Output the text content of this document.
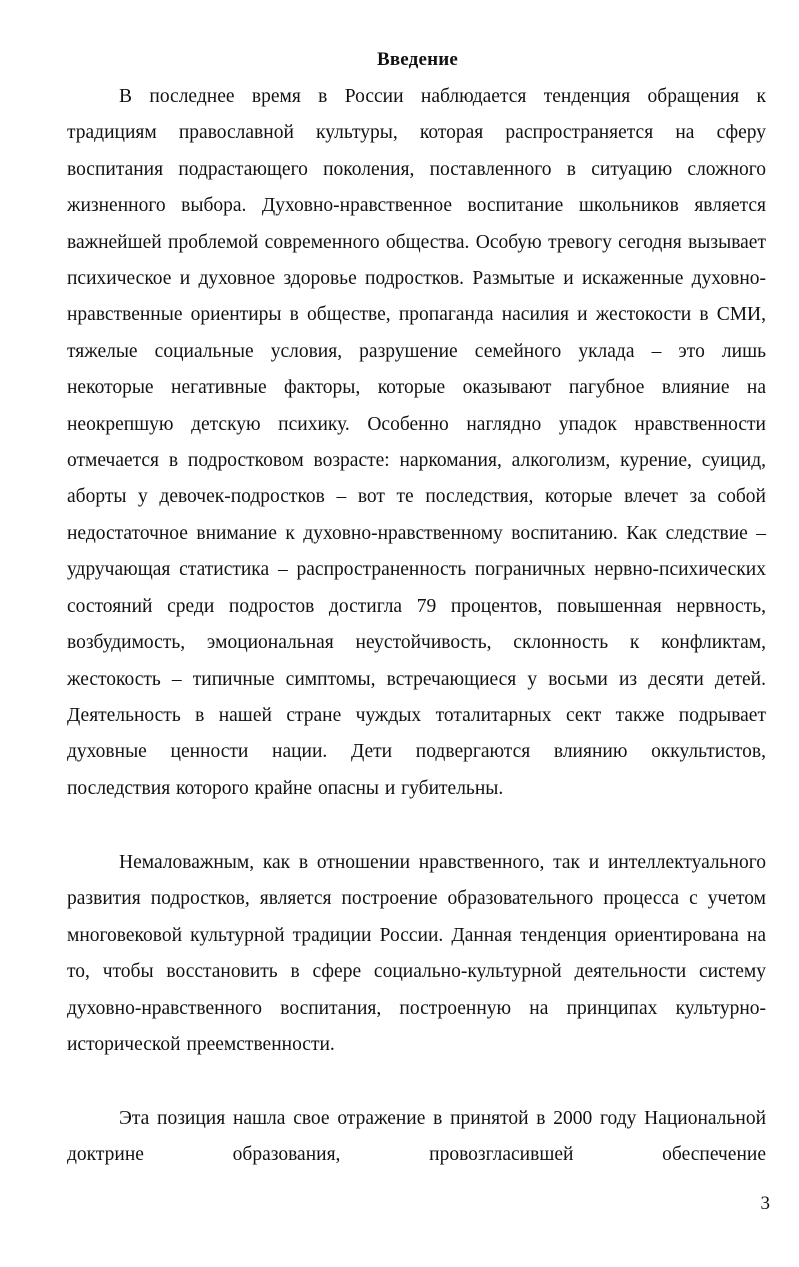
Введение

В последнее время в России наблюдается тенденция обращения к традициям православной культуры, которая распространяется на сферу воспитания подрастающего поколения, поставленного в ситуацию сложного жизненного выбора. Духовно-нравственное воспитание школьников является важнейшей проблемой современного общества. Особую тревогу сегодня вызывает психическое и духовное здоровье подростков. Размытые и искаженные духовно-нравственные ориентиры в обществе, пропаганда насилия и жестокости в СМИ, тяжелые социальные условия, разрушение семейного уклада – это лишь некоторые негативные факторы, которые оказывают пагубное влияние на неокрепшую детскую психику. Особенно наглядно упадок нравственности отмечается в подростковом возрасте: наркомания, алкоголизм, курение, суицид, аборты у девочек-подростков – вот те последствия, которые влечет за собой недостаточное внимание к духовно-нравственному воспитанию. Как следствие – удручающая статистика – распространенность пограничных нервно-психических состояний среди подростов достигла 79 процентов, повышенная нервность, возбудимость, эмоциональная неустойчивость, склонность к конфликтам, жестокость – типичные симптомы, встречающиеся у восьми из десяти детей. Деятельность в нашей стране чуждых тоталитарных сект также подрывает духовные ценности нации. Дети подвергаются влиянию оккультистов, последствия которого крайне опасны и губительны.

Немаловажным, как в отношении нравственного, так и интеллектуального развития подростков, является построение образовательного процесса с учетом многовековой культурной традиции России. Данная тенденция ориентирована на то, чтобы восстановить в сфере социально-культурной деятельности систему духовно-нравственного воспитания, построенную на принципах культурно-исторической преемственности.

Эта позиция нашла свое отражение в принятой в 2000 году Национальной доктрине образования, провозгласившей обеспечение

3
